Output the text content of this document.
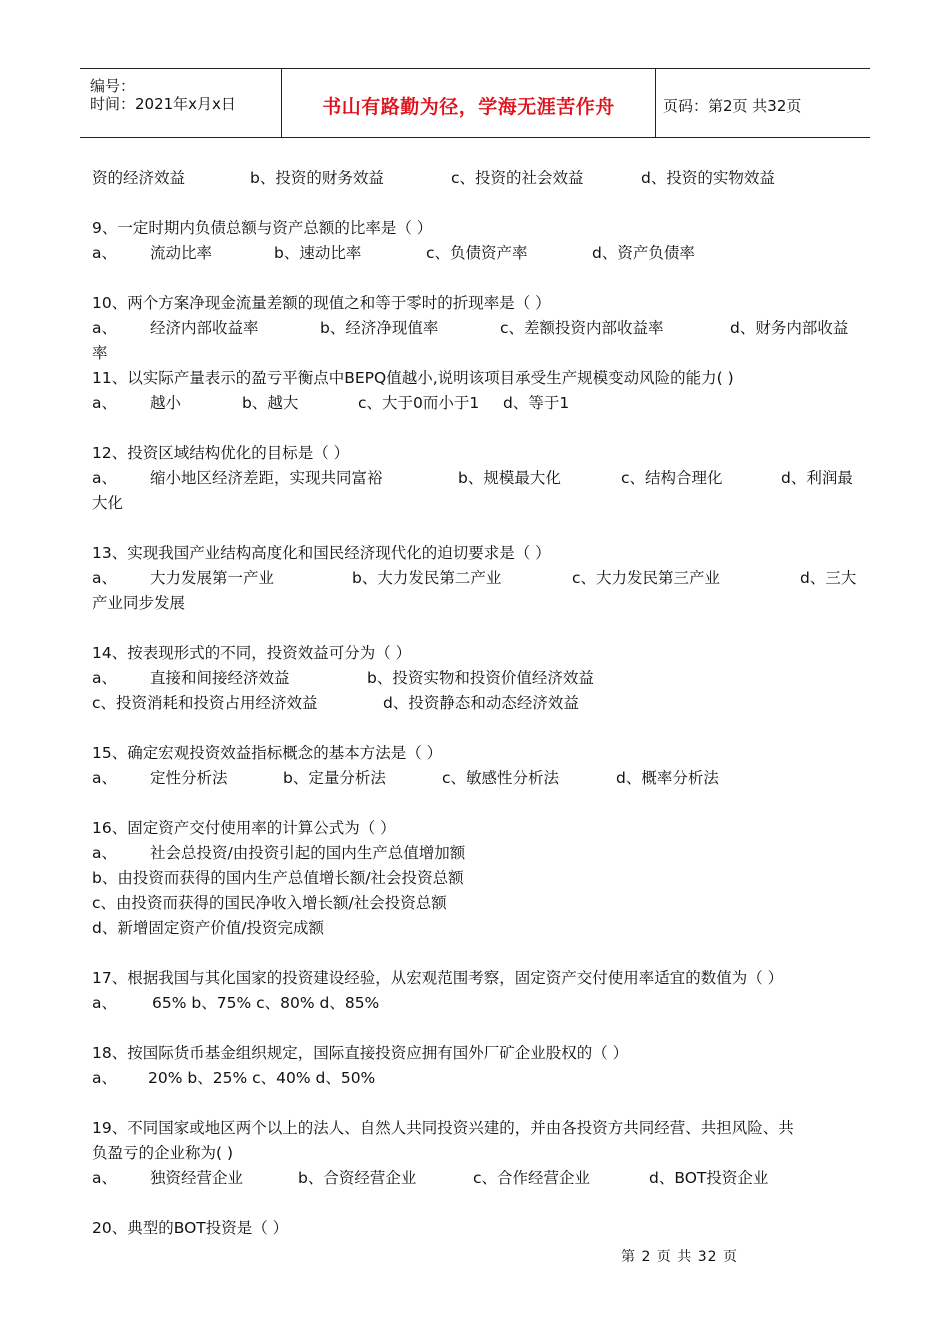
编号：
时间：2021年x月x日	书山有路勤为径，学海无涯苦作舟	页码：第2页 共32页
资的经济效益	b、投资的财务效益	c、投资的社会效益	d、投资的实物效益
9、一定时期内负债总额与资产总额的比率是（ ）
a、 流动比率	b、速动比率	c、负债资产率	d、资产负债率
10、两个方案净现金流量差额的现值之和等于零时的折现率是（ ）
a、 经济内部收益率	b、经济净现值率	c、差额投资内部收益率	d、财务内部收益
率
11、以实际产量表示的盈亏平衡点中BEPQ值越小,说明该项目承受生产规模变动风险的能力( )
a、 越小	b、越大	c、大于0而小于1 d、等于1
12、投资区域结构优化的目标是（ ）
a、 缩小地区经济差距，实现共同富裕	b、规模最大化	c、结构合理化	d、利润最
大化
13、实现我国产业结构高度化和国民经济现代化的迫切要求是（ ）
a、 大力发展第一产业	b、大力发民第二产业	c、大力发民第三产业	d、三大
产业同步发展
14、按表现形式的不同，投资效益可分为（ ）
a、 直接和间接经济效益	b、投资实物和投资价值经济效益
c、投资消耗和投资占用经济效益	d、投资静态和动态经济效益
15、确定宏观投资效益指标概念的基本方法是（ ）
a、 定性分析法	b、定量分析法	c、敏感性分析法	d、概率分析法
16、固定资产交付使用率的计算公式为（ ）
a、 社会总投资/由投资引起的国内生产总值增加额
b、由投资而获得的国内生产总值增长额/社会投资总额
c、由投资而获得的国民净收入增长额/社会投资总额
d、新增固定资产价值/投资完成额
17、根据我国与其化国家的投资建设经验，从宏观范围考察，固定资产交付使用率适宜的数值为（ ）
a、 65% b、75% c、80% d、85%
18、按国际货币基金组织规定，国际直接投资应拥有国外厂矿企业股权的（ ）
a、 20% b、25% c、40% d、50%
19、不同国家或地区两个以上的法人、自然人共同投资兴建的，并由各投资方共同经营、共担风险、共
负盈亏的企业称为( )
a、 独资经营企业	b、合资经营企业	c、合作经营企业	d、BOT投资企业
20、典型的BOT投资是（ ）
第 2 页 共 32 页
